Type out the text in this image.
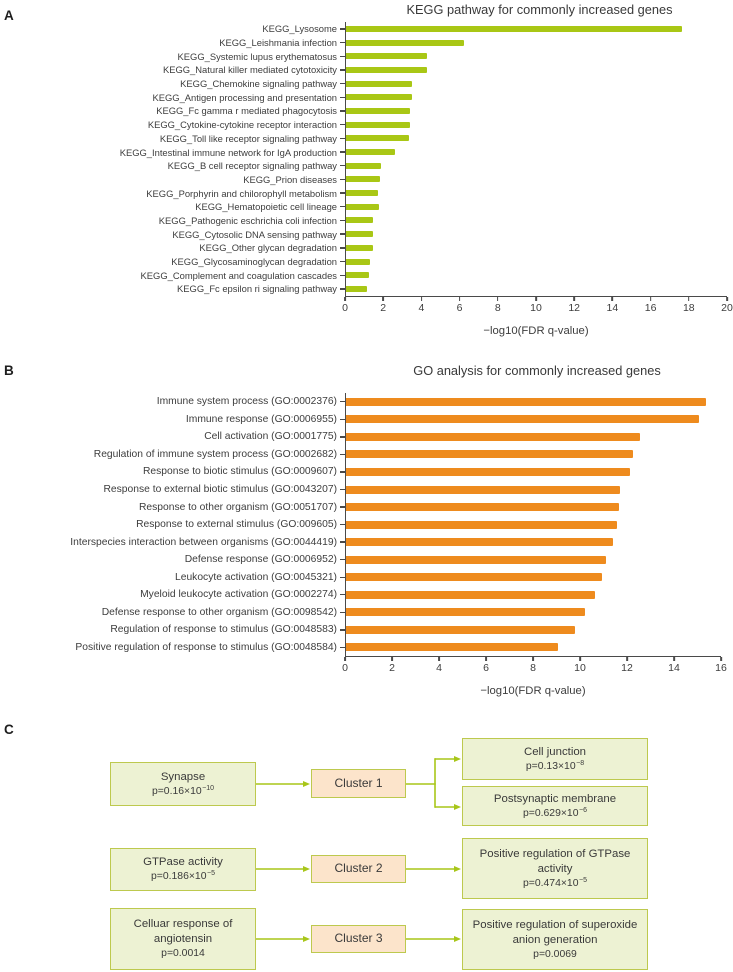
A	KEGG pathway for commonly increased genes
KEGG_Lysosome
KEGG_Leishmania infection
KEGG_Systemic lupus erythematosus
KEGG_Natural killer mediated cytotoxicity
KEGG_Chemokine signaling pathway
KEGG_Antigen processing and presentation
KEGG_Fc gamma r mediated phagocytosis
KEGG_Cytokine-cytokine receptor interaction
KEGG_Toll like receptor signaling pathway
KEGG_Intestinal immune network for IgA production
KEGG_B cell receptor signaling pathway
KEGG_Prion diseases
KEGG_Porphyrin and chilorophyll metabolism
KEGG_Hematopoietic cell lineage
KEGG_Pathogenic eschrichia coli infection
KEGG_Cytosolic DNA sensing pathway
KEGG_Other glycan degradation
KEGG_Glycosaminoglycan degradation
KEGG_Complement and coagulation cascades
KEGG_Fc epsilon ri signaling pathway
0	2	4	6	8	10	12	14	16	18	20
−log10(FDR q-value)
B	GO analysis for commonly increased genes
Immune system process (GO:0002376)
Immune response (GO:0006955)
Cell activation (GO:0001775)
Regulation of immune system process (GO:0002682)
Response to biotic stimulus (GO:0009607)
Response to external biotic stimulus (GO:0043207)
Response to other organism (GO:0051707)
Response to external stimulus (GO:009605)
Interspecies interaction between organisms (GO:0044419)
Defense response (GO:0006952)
Leukocyte activation (GO:0045321)
Myeloid leukocyte activation (GO:0002274)
Defense response to other organism (GO:0098542)
Regulation of response to stimulus (GO:0048583)
Positive regulation of response to stimulus (GO:0048584)
0	2	4	6	8	10	12	14	16
−log10(FDR q-value)
C
Synapse
$p=0.16\times 10^{-10}$	Cluster 1
Cell junction
$p=0.13\times 10^{-8}$
Postsynaptic membrane
$p=0.629\times 10^{-6}$
GTPase activity
$p=0.186\times 10^{-5}$	Cluster 2
Positive regulation of GTPase activity
$p=0.474\times 10^{-5}$
Celluar response of angiotensin
p=0.0014
Cluster 3
Positive regulation of superoxide anion generation
p=0.0069
